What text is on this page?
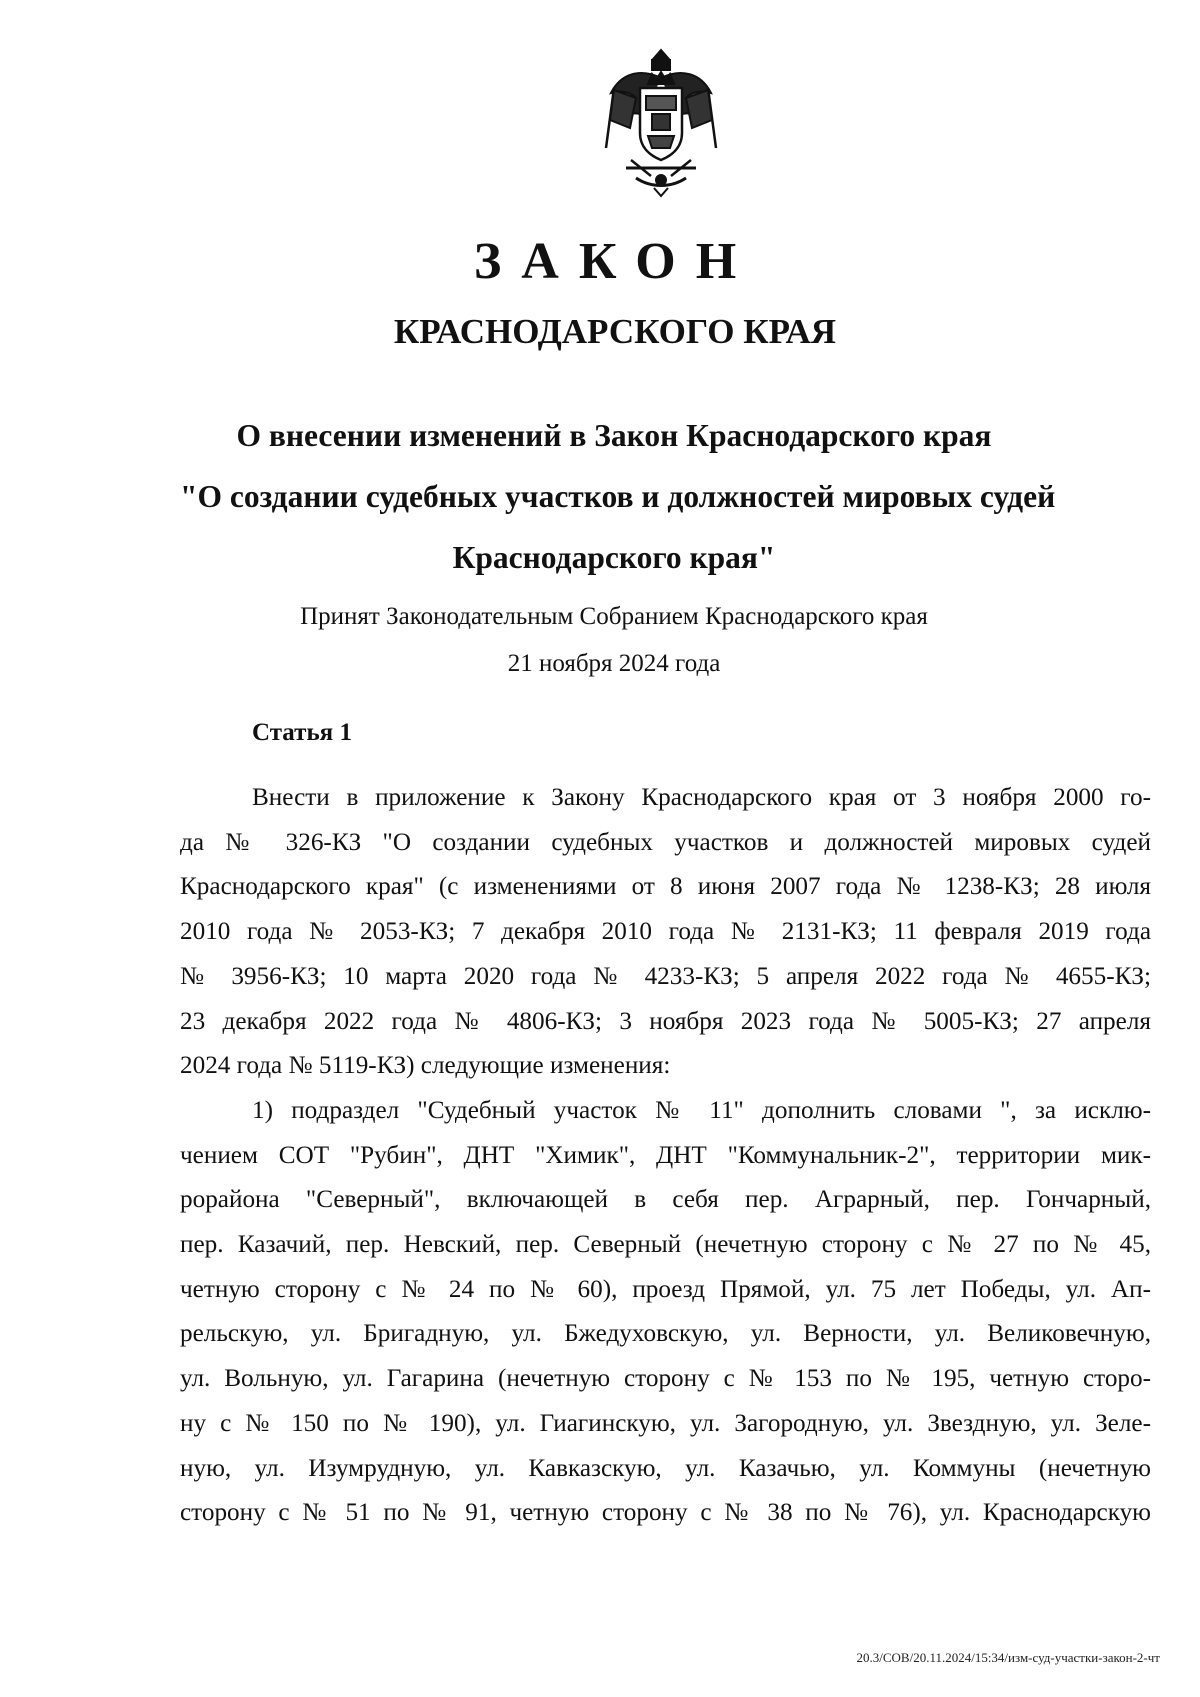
ЗАКОН
КРАСНОДАРСКОГО КРАЯ
О внесении изменений в Закон Краснодарского края
"О создании судебных участков и должностей мировых судей
Краснодарского края"
Принят Законодательным Собранием Краснодарского края
21 ноября 2024 года
Статья 1
Внести в приложение к Закону Краснодарского края от 3 ноября 2000 го-
да № 326-КЗ "О создании судебных участков и должностей мировых судей
Краснодарского края" (с изменениями от 8 июня 2007 года № 1238-КЗ; 28 июля
2010 года № 2053-КЗ; 7 декабря 2010 года № 2131-КЗ; 11 февраля 2019 года
№ 3956-КЗ; 10 марта 2020 года № 4233-КЗ; 5 апреля 2022 года № 4655-КЗ;
23 декабря 2022 года № 4806-КЗ; 3 ноября 2023 года № 5005-КЗ; 27 апреля
2024 года № 5119-КЗ) следующие изменения:
1) подраздел "Судебный участок № 11" дополнить словами ", за исклю-
чением СОТ "Рубин", ДНТ "Химик", ДНТ "Коммунальник-2", территории мик-
рорайона "Северный", включающей в себя пер. Аграрный, пер. Гончарный,
пер. Казачий, пер. Невский, пер. Северный (нечетную сторону с № 27 по № 45,
четную сторону с № 24 по № 60), проезд Прямой, ул. 75 лет Победы, ул. Ап-
рельскую, ул. Бригадную, ул. Бжедуховскую, ул. Верности, ул. Великовечную,
ул. Вольную, ул. Гагарина (нечетную сторону с № 153 по № 195, четную сторо-
ну с № 150 по № 190), ул. Гиагинскую, ул. Загородную, ул. Звездную, ул. Зеле-
ную, ул. Изумрудную, ул. Кавказскую, ул. Казачью, ул. Коммуны (нечетную
сторону с № 51 по № 91, четную сторону с № 38 по № 76), ул. Краснодарскую
20.3/СОВ/20.11.2024/15:34/изм-суд-участки-закон-2-чт
